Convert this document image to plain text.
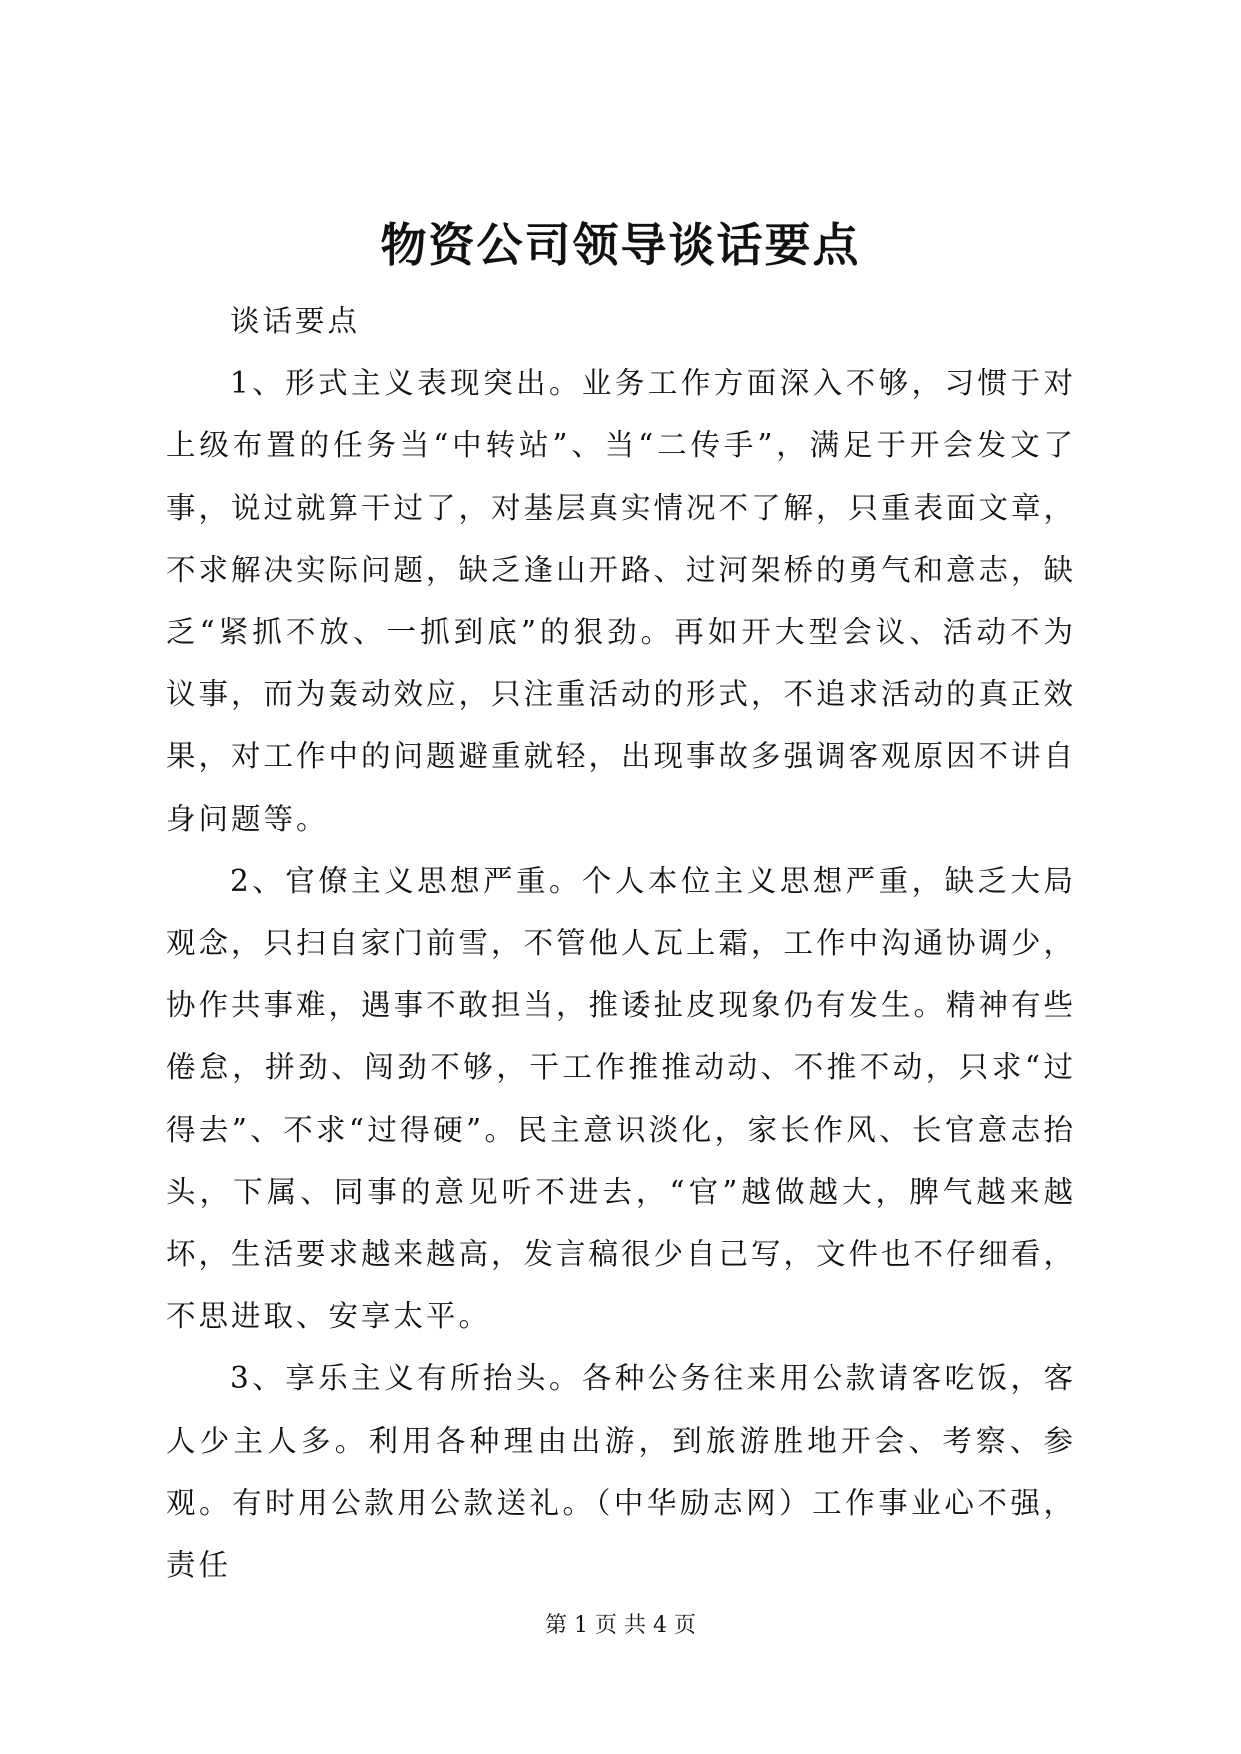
物资公司领导谈话要点

谈话要点

1、形式主义表现突出。业务工作方面深入不够，习惯于对上级布置的任务当“中转站”、当“二传手”，满足于开会发文了事，说过就算干过了，对基层真实情况不了解，只重表面文章，不求解决实际问题，缺乏逢山开路、过河架桥的勇气和意志，缺乏“紧抓不放、一抓到底”的狠劲。再如开大型会议、活动不为议事，而为轰动效应，只注重活动的形式，不追求活动的真正效果，对工作中的问题避重就轻，出现事故多强调客观原因不讲自身问题等。

2、官僚主义思想严重。个人本位主义思想严重，缺乏大局观念，只扫自家门前雪，不管他人瓦上霜，工作中沟通协调少，协作共事难，遇事不敢担当，推诿扯皮现象仍有发生。精神有些倦怠，拼劲、闯劲不够，干工作推推动动、不推不动，只求“过得去”、不求“过得硬”。民主意识淡化，家长作风、长官意志抬头，下属、同事的意见听不进去，“官”越做越大，脾气越来越坏，生活要求越来越高，发言稿很少自己写，文件也不仔细看，不思进取、安享太平。

3、享乐主义有所抬头。各种公务往来用公款请客吃饭，客人少主人多。利用各种理由出游，到旅游胜地开会、考察、参观。有时用公款用公款送礼。（中华励志网）工作事业心不强，责任

第 1 页 共 4 页
